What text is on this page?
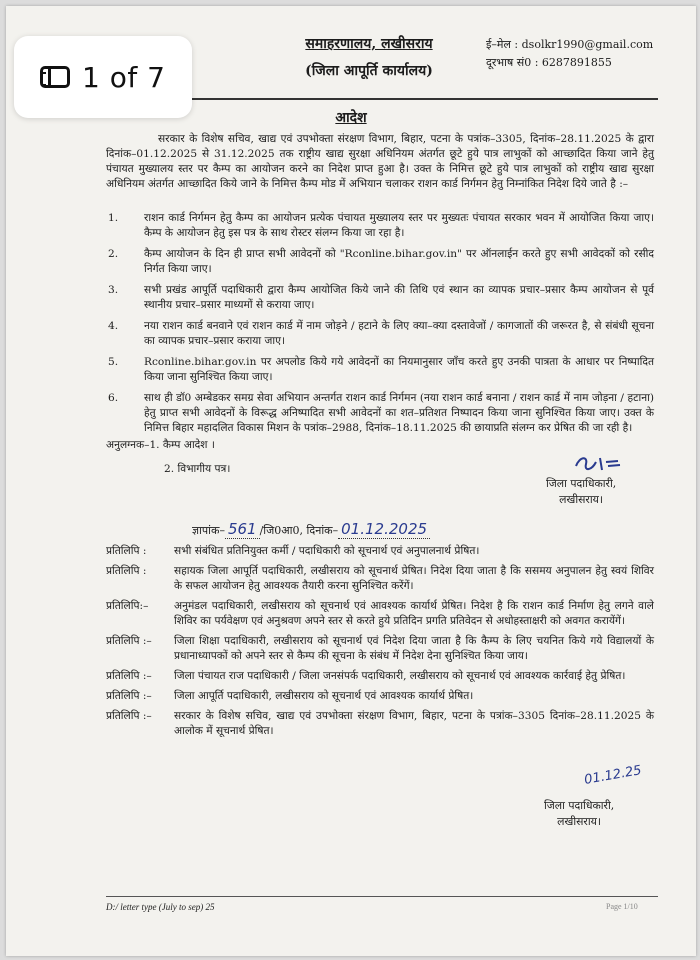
1 of 7
समाहरणालय, लखीसराय
(जिला आपूर्ति कार्यालय)
ई–मेल : dsolkr1990@gmail.com
दूरभाष सं0 : 6287891855
आदेश
सरकार के विशेष सचिव, खाद्य एवं उपभोक्ता संरक्षण विभाग, बिहार, पटना के पत्रांक–3305, दिनांक–28.11.2025 के द्वारा दिनांक–01.12.2025 से 31.12.2025 तक राष्ट्रीय खाद्य सुरक्षा अधिनियम अंतर्गत छूटे हुये पात्र लाभुकों को आच्छादित किया जाने हेतु पंचायत मुख्यालय स्तर पर कैम्प का आयोजन करने का निदेश प्राप्त हुआ है। उक्त के निमित्त छूटे हुये पात्र लाभुकों को राष्ट्रीय खाद्य सुरक्षा अधिनियम अंतर्गत आच्छादित किये जाने के निमित्त कैम्प मोड में अभियान चलाकर राशन कार्ड निर्गमन हेतु निम्नांकित निदेश दिये जाते है :–
1.	राशन कार्ड निर्गमन हेतु कैम्प का आयोजन प्रत्येक पंचायत मुख्यालय स्तर पर मुख्यतः पंचायत सरकार भवन में आयोजित किया जाए। कैम्प के आयोजन हेतु इस पत्र के साथ रोस्टर संलग्न किया जा रहा है।
2.	कैम्प आयोजन के दिन ही प्राप्त सभी आवेदनों को "Rconline.bihar.gov.in" पर ऑनलाईन करते हुए सभी आवेदकों को रसीद निर्गत किया जाए।
3.	सभी प्रखंड आपूर्ति पदाधिकारी द्वारा कैम्प आयोजित किये जाने की तिथि एवं स्थान का व्यापक प्रचार–प्रसार कैम्प आयोजन से पूर्व स्थानीय प्रचार–प्रसार माध्यमों से कराया जाए।
4.	नया राशन कार्ड बनवाने एवं राशन कार्ड में नाम जोड़ने / हटाने के लिए क्या–क्या दस्तावेजों / कागजातों की जरूरत है, से संबंधी सूचना का व्यापक प्रचार–प्रसार कराया जाए।
5.	Rconline.bihar.gov.in पर अपलोड किये गये आवेदनों का नियमानुसार जाँच करते हुए उनकी पात्रता के आधार पर निष्पादित किया जाना सुनिश्चित किया जाए।
6.	साथ ही डॉ0 अम्बेडकर समग्र सेवा अभियान अन्तर्गत राशन कार्ड निर्गमन (नया राशन कार्ड बनाना / राशन कार्ड में नाम जोड़ना / हटाना) हेतु प्राप्त सभी आवेदनों के विरूद्ध अनिष्पादित सभी आवेदनों का शत–प्रतिशत निष्पादन किया जाना सुनिश्चित किया जाए। उक्त के निमित्त बिहार महादलित विकास मिशन के पत्रांक–2988, दिनांक–18.11.2025 की छायाप्रति संलग्न कर प्रेषित की जा रही है।
अनुलग्नक–1. कैम्प आदेश ।
2. विभागीय पत्र।
जिला पदाधिकारी,
लखीसराय।
ज्ञापांक– 561 /जि0आ0, दिनांक– 01.12.2025
प्रतिलिपि :	सभी संबंधित प्रतिनियुक्त कर्मी / पदाधिकारी को सूचनार्थ एवं अनुपालनार्थ प्रेषित।
प्रतिलिपि :	सहायक जिला आपूर्ति पदाधिकारी, लखीसराय को सूचनार्थ प्रेषित। निदेश दिया जाता है कि ससमय अनुपालन हेतु स्वयं शिविर के सफल आयोजन हेतु आवश्यक तैयारी करना सुनिश्चित करेंगें।
प्रतिलिपि:–	अनुमंडल पदाधिकारी, लखीसराय को सूचनार्थ एवं आवश्यक कार्यार्थ प्रेषित। निदेश है कि राशन कार्ड निर्माण हेतु लगने वाले शिविर का पर्यवेक्षण एवं अनुश्रवण अपने स्तर से करते हुये प्रतिदिन प्रगति प्रतिवेदन से अधोहस्ताक्षरी को अवगत करायेंगें।
प्रतिलिपि :–	जिला शिक्षा पदाधिकारी, लखीसराय को सूचनार्थ एवं निदेश दिया जाता है कि कैम्प के लिए चयनित किये गये विद्यालयों के प्रधानाध्यापकों को अपने स्तर से कैम्प की सूचना के संबंध में निदेश देना सुनिश्चित किया जाय।
प्रतिलिपि :–	जिला पंचायत राज पदाधिकारी / जिला जनसंपर्क पदाधिकारी, लखीसराय को सूचनार्थ एवं आवश्यक कार्रवाई हेतु प्रेषित।
प्रतिलिपि :–	जिला आपूर्ति पदाधिकारी, लखीसराय को सूचनार्थ एवं आवश्यक कार्यार्थ प्रेषित।
प्रतिलिपि :–	सरकार के विशेष सचिव, खाद्य एवं उपभोक्ता संरक्षण विभाग, बिहार, पटना के पत्रांक–3305 दिनांक–28.11.2025 के आलोक में सूचनार्थ प्रेषित।
01.12.25
जिला पदाधिकारी,
लखीसराय।
D:/ letter type (July to sep) 25	Page 1/10
